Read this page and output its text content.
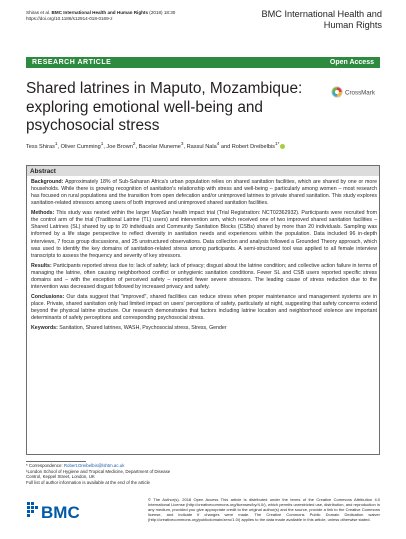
Shiras et al. BMC International Health and Human Rights (2018) 18:30
https://doi.org/10.1186/s12914-018-0169-z	BMC International Health and
Human Rights
RESEARCH ARTICLE	Open Access
Shared latrines in Maputo, Mozambique: exploring emotional well-being and psychosocial stress
CrossMark
Tess Shiras$^1$, Oliver Cumming$^1$, Joe Brown$^2$, Bacelar Muneme$^3$, Rassul Nala$^4$ and Robert Dreibelbis$^{1*}$
Abstract

Background: Approximately 18% of Sub-Saharan Africa's urban population relies on shared sanitation facilities, which are shared by one or more households. While there is growing recognition of sanitation's relationship with stress and well-being – particularly among women – most research has focused on rural populations and the transition from open defecation and/or unimproved latrines to private shared sanitation. This study explores sanitation-related stressors among users of both improved and unimproved shared sanitation facilities.

Methods: This study was nested within the larger MapSan health impact trial (Trial Registration: NCT02362932). Participants were recruited from the control arm of the trial (Traditional Latrine (TL) users) and intervention arm, which received one of two improved shared sanitation facilities – Shared Latrines (SL) shared by up to 20 individuals and Community Sanitation Blocks (CSBs) shared by more than 20 individuals. Sampling was informed by a life stage perspective to reflect diversity in sanitation needs and experiences within the population. Data included 96 in-depth interviews, 7 focus group discussions, and 25 unstructured observations. Data collection and analysis followed a Grounded Theory approach, which was used to identify the key domains of sanitation-related stress among participants. A semi-structured tool was applied to all female interview transcripts to assess the frequency and severity of key stressors.

Results: Participants reported stress due to: lack of safety; lack of privacy; disgust about the latrine condition; and collective action failure in terms of managing the latrine, often causing neighborhood conflict or unhygienic sanitation conditions. Fewer SL and CSB users reported specific stress domains and – with the exception of perceived safety – reported fewer severe stressors. The leading cause of stress reduction due to the intervention was decreased disgust followed by increased privacy and safety.

Conclusions: Our data suggest that "improved", shared facilities can reduce stress when proper maintenance and management systems are in place. Private, shared sanitation only had limited impact on users' perceptions of safety, particularly at night, suggesting that safety concerns extend beyond the physical latrine structure. Our research demonstrates that factors including latrine location and neighborhood violence are important determinants of safety perceptions and corresponding psychosocial stress.

Keywords: Sanitation, Shared latrines, WASH, Psychosocial stress, Stress, Gender

* Correspondence: Robert.Dreibelbis@lshtm.ac.uk
¹London School of Hygiene and Tropical Medicine, Department of Disease
Control, Keppel Street, London, UK
Full list of author information is available at the end of the article
BMC
© The Author(s). 2018 Open Access This article is distributed under the terms of the Creative Commons Attribution 4.0 International License (http://creativecommons.org/licenses/by/4.0/), which permits unrestricted use, distribution, and reproduction in any medium, provided you give appropriate credit to the original author(s) and the source, provide a link to the Creative Commons license, and indicate if changes were made. The Creative Commons Public Domain Dedication waiver (http://creativecommons.org/publicdomain/zero/1.0/) applies to the data made available in this article, unless otherwise stated.
